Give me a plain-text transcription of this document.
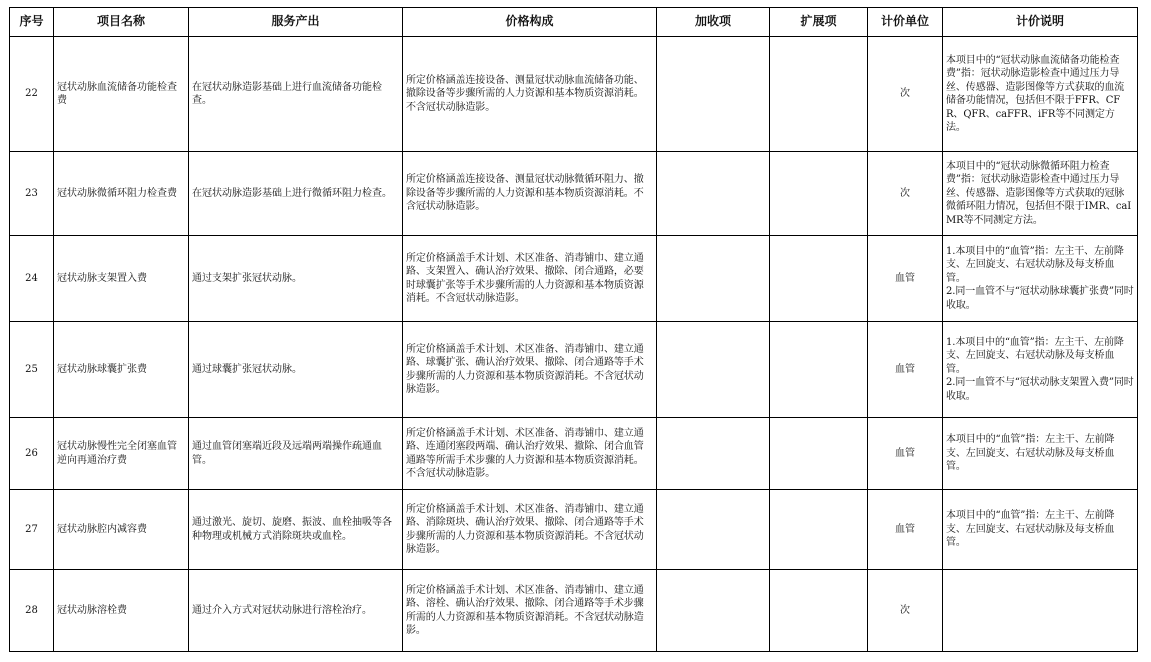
序号	项目名称	服务产出	价格构成	加收项	扩展项	计价单位	计价说明
22	冠状动脉血流储备功能检查费	在冠状动脉造影基础上进行血流储备功能检查。	所定价格涵盖连接设备、测量冠状动脉血流储备功能、撤除设备等步骤所需的人力资源和基本物质资源消耗。不含冠状动脉造影。			次	本项目中的“冠状动脉血流储备功能检查费”指：冠状动脉造影检查中通过压力导丝、传感器、造影图像等方式获取的血流储备功能情况，包括但不限于FFR、CFR、QFR、caFFR、iFR等不同测定方法。
23	冠状动脉微循环阻力检查费	在冠状动脉造影基础上进行微循环阻力检查。	所定价格涵盖连接设备、测量冠状动脉微循环阻力、撤除设备等步骤所需的人力资源和基本物质资源消耗。不含冠状动脉造影。			次	本项目中的“冠状动脉微循环阻力检查费”指：冠状动脉造影检查中通过压力导丝、传感器、造影图像等方式获取的冠脉微循环阻力情况，包括但不限于IMR、caIMR等不同测定方法。
24	冠状动脉支架置入费	通过支架扩张冠状动脉。	所定价格涵盖手术计划、术区准备、消毒铺巾、建立通路、支架置入、确认治疗效果、撤除、闭合通路，必要时球囊扩张等手术步骤所需的人力资源和基本物质资源消耗。不含冠状动脉造影。			血管	1.本项目中的“血管”指：左主干、左前降支、左回旋支、右冠状动脉及每支桥血管。
2.同一血管不与“冠状动脉球囊扩张费”同时收取。
25	冠状动脉球囊扩张费	通过球囊扩张冠状动脉。	所定价格涵盖手术计划、术区准备、消毒铺巾、建立通路、球囊扩张、确认治疗效果、撤除、闭合通路等手术步骤所需的人力资源和基本物质资源消耗。不含冠状动脉造影。			血管	1.本项目中的“血管”指：左主干、左前降支、左回旋支、右冠状动脉及每支桥血管。
2.同一血管不与“冠状动脉支架置入费”同时收取。
26	冠状动脉慢性完全闭塞血管逆向再通治疗费	通过血管闭塞端近段及远端两端操作疏通血管。	所定价格涵盖手术计划、术区准备、消毒铺巾、建立通路、连通闭塞段两端、确认治疗效果、撤除、闭合血管通路等所需手术步骤的人力资源和基本物质资源消耗。不含冠状动脉造影。			血管	本项目中的“血管”指：左主干、左前降支、左回旋支、右冠状动脉及每支桥血管。
27	冠状动脉腔内减容费	通过激光、旋切、旋磨、振波、血栓抽吸等各种物理或机械方式消除斑块或血栓。	所定价格涵盖手术计划、术区准备、消毒铺巾、建立通路、消除斑块、确认治疗效果、撤除、闭合通路等手术步骤所需的人力资源和基本物质资源消耗。不含冠状动脉造影。			血管	本项目中的“血管”指：左主干、左前降支、左回旋支、右冠状动脉及每支桥血管。
28	冠状动脉溶栓费	通过介入方式对冠状动脉进行溶栓治疗。	所定价格涵盖手术计划、术区准备、消毒铺巾、建立通路、溶栓、确认治疗效果、撤除、闭合通路等手术步骤所需的人力资源和基本物质资源消耗。不含冠状动脉造影。			次	
